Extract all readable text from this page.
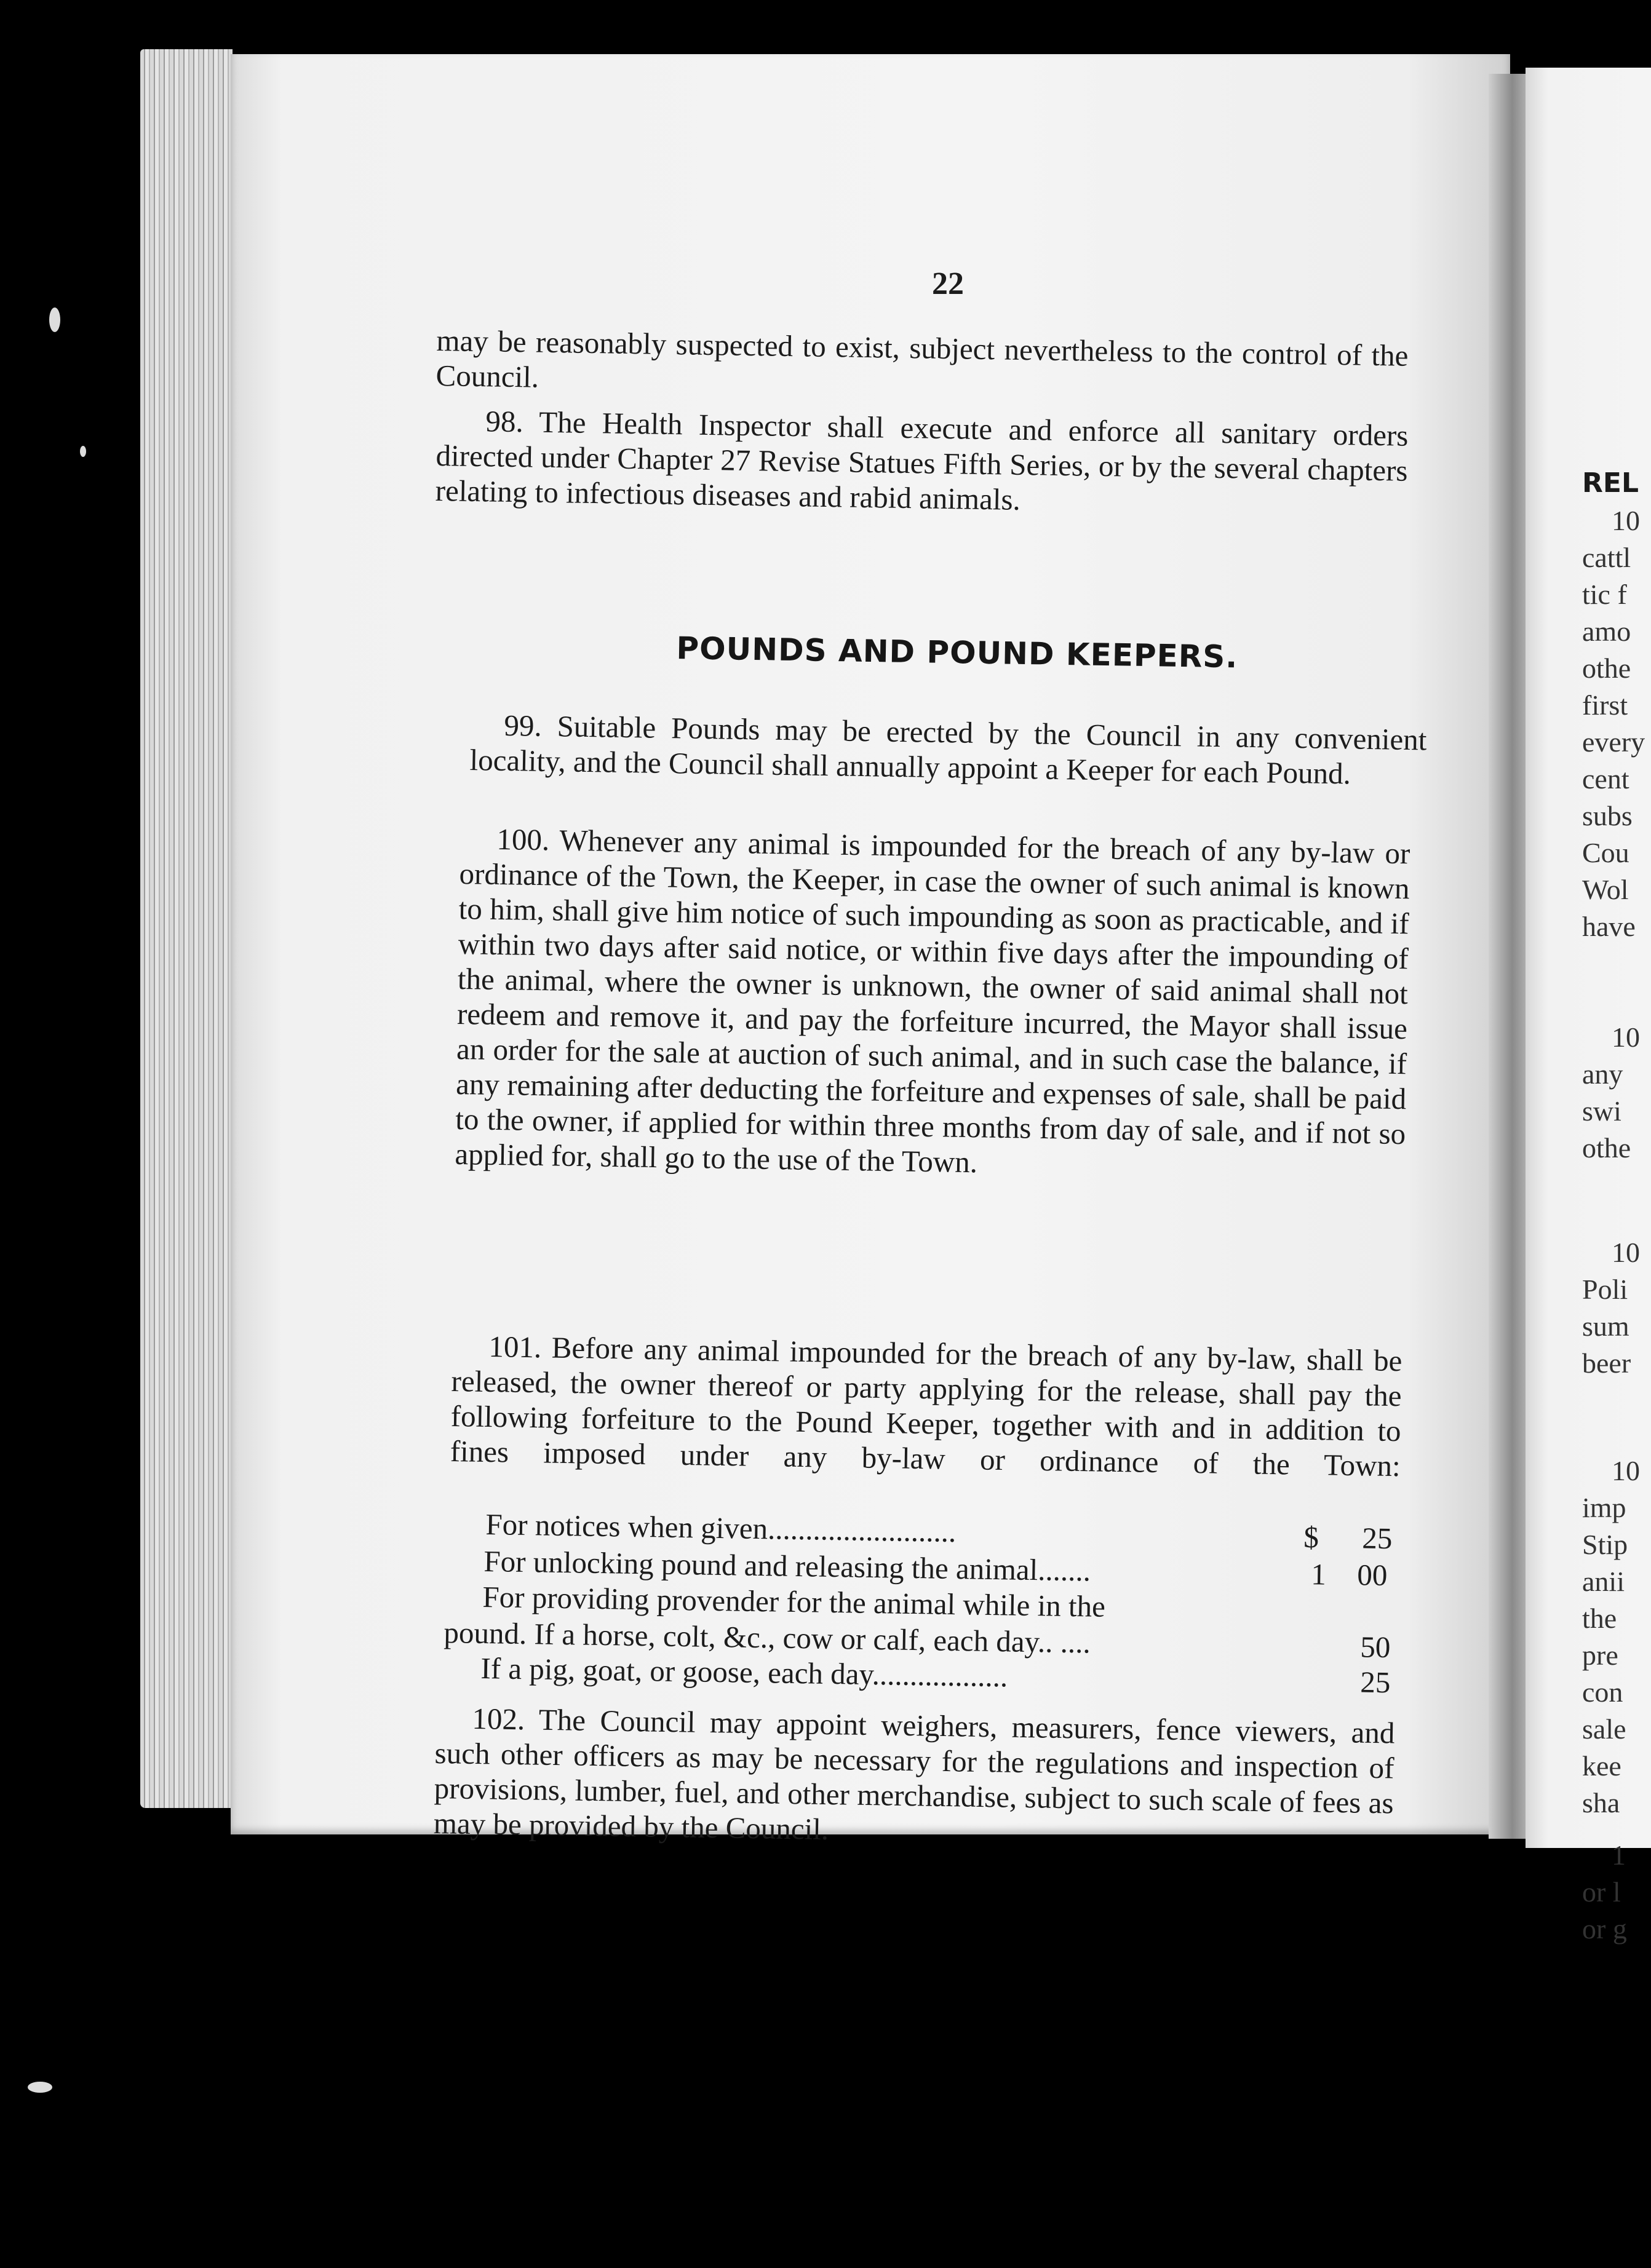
REL
10
cattl
tic f
amo
othe
first
every
cent
subs
Cou
Wol
have
10
any
swi
othe
10
Poli
sum
beer
10
imp
Stip
anii
the
pre
con
sale
kee
sha
1
or l
or g
22
may be reasonably suspected to exist, subject nevertheless to the control of the Council.
98. The Health Inspector shall execute and enforce all sanitary orders directed under Chapter 27 Revise Statues Fifth Series, or by the several chapters relating to infectious diseases and rabid animals.
POUNDS AND POUND KEEPERS.
99. Suitable Pounds may be erected by the Council in any convenient locality, and the Council shall annually appoint a Keeper for each Pound.
100. Whenever any animal is impounded for the breach of any by-law or ordinance of the Town, the Keeper, in case the owner of such animal is known to him, shall give him notice of such impounding as soon as practicable, and if within two days after said notice, or within five days after the impounding of the animal, where the owner is unknown, the owner of said animal shall not redeem and remove it, and pay the forfeiture incurred, the Mayor shall issue an order for the sale at auction of such animal, and in such case the balance, if any remaining after deducting the forfeiture and expenses of sale, shall be paid to the owner, if applied for within three months from day of sale, and if not so applied for, shall go to the use of the Town.
101. Before any animal impounded for the breach of any by-law, shall be released, the owner thereof or party applying for the release, shall pay the following forfeiture to the Pound Keeper, together with and in addition to fines imposed under any by-law or ordinance of the Town:
For notices when given.........................	$ 25
For unlocking pound and releasing the animal.......	1 00
For providing provender for the animal while in the
pound. If a horse, colt, &c., cow or calf, each day.. ....	50
If a pig, goat, or goose, each day..................	25
102. The Council may appoint weighers, measurers, fence viewers, and such other officers as may be necessary for the regulations and inspection of provisions, lumber, fuel, and other merchandise, subject to such scale of fees as may be provided by the Council.
